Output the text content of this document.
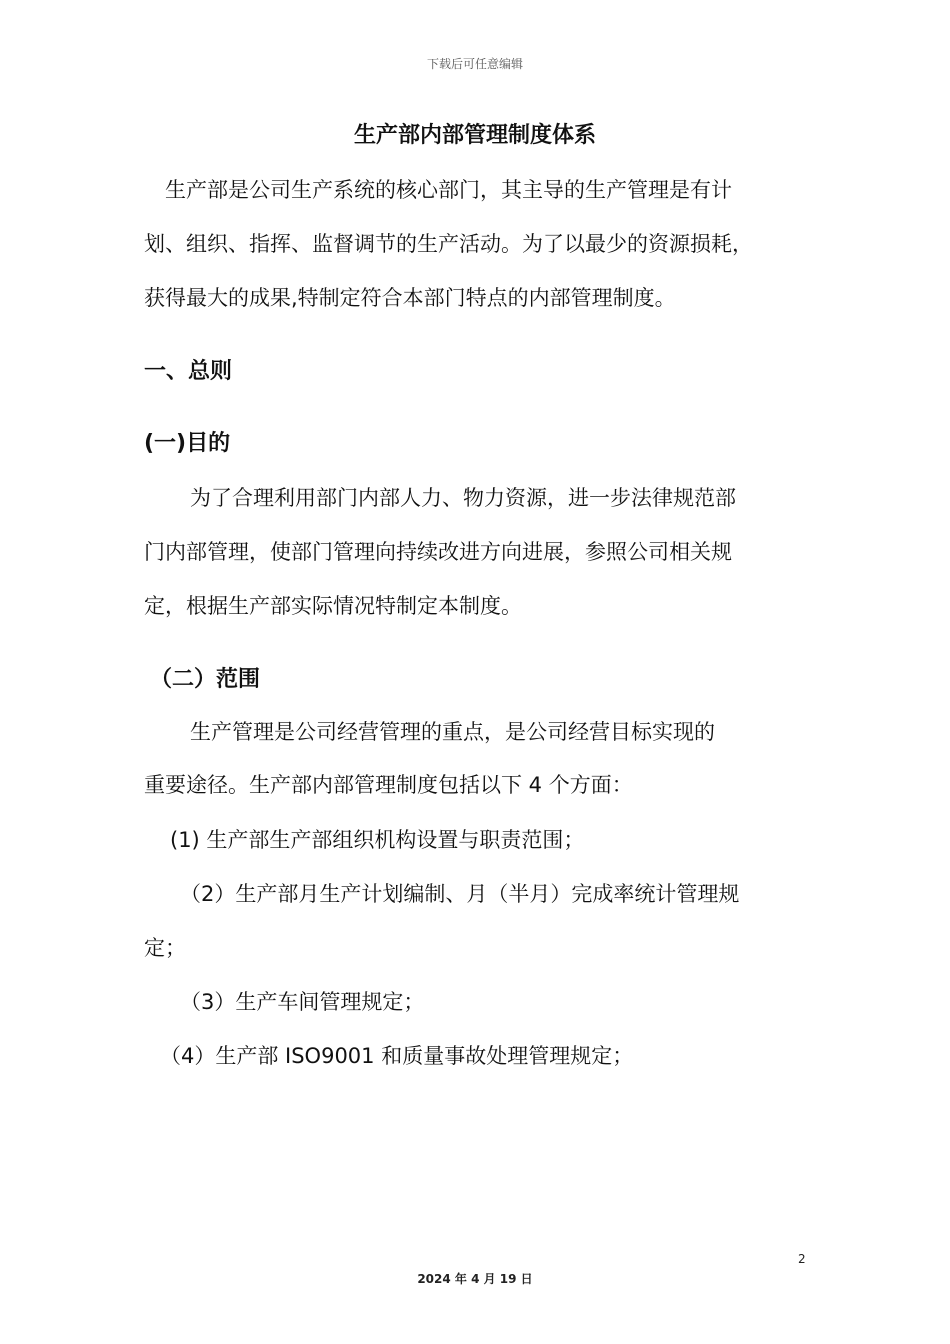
下载后可任意编辑
生产部内部管理制度体系
生产部是公司生产系统的核心部门，其主导的生产管理是有计
划、组织、指挥、监督调节的生产活动。为了以最少的资源损耗，
获得最大的成果,特制定符合本部门特点的内部管理制度。
一、总则
(一)目的
为了合理利用部门内部人力、物力资源，进一步法律规范部
门内部管理，使部门管理向持续改进方向进展，参照公司相关规
定，根据生产部实际情况特制定本制度。
（二）范围
生产管理是公司经营管理的重点，是公司经营目标实现的
重要途径。生产部内部管理制度包括以下 4 个方面：
(1) 生产部生产部组织机构设置与职责范围；
（2）生产部月生产计划编制、月（半月）完成率统计管理规
定；
（3）生产车间管理规定；
（4）生产部 ISO9001 和质量事故处理管理规定；
2
2024 年 4 月 19 日
